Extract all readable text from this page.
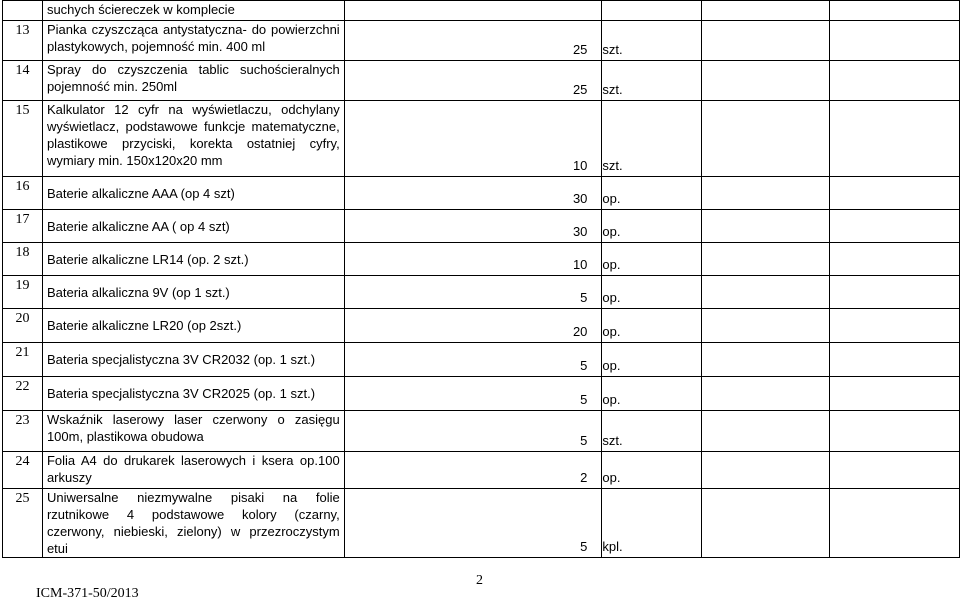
	suchych ściereczek w komplecie				
13	Pianka czyszcząca antystatyczna- do powierzchni plastykowych, pojemność min. 400 ml	25	szt.		
14	Spray do czyszczenia tablic suchościeralnych pojemność min. 250ml	25	szt.		
15	Kalkulator 12 cyfr na wyświetlaczu, odchylany wyświetlacz, podstawowe funkcje matematyczne, plastikowe przyciski, korekta ostatniej cyfry, wymiary min. 150x120x20 mm	10	szt.		
16	Baterie alkaliczne AAA (op 4 szt)	30	op.		
17	Baterie alkaliczne AA ( op 4 szt)	30	op.		
18	Baterie alkaliczne LR14 (op. 2 szt.)	10	op.		
19	Bateria alkaliczna 9V (op 1 szt.)	5	op.		
20	Baterie alkaliczne LR20 (op 2szt.)	20	op.		
21	Bateria specjalistyczna 3V CR2032 (op. 1 szt.)	5	op.		
22	Bateria specjalistyczna 3V CR2025 (op. 1 szt.)	5	op.		
23	Wskaźnik laserowy laser czerwony o zasięgu 100m, plastikowa obudowa	5	szt.		
24	Folia A4 do drukarek laserowych i ksera op.100 arkuszy	2	op.		
25	Uniwersalne niezmywalne pisaki na folie rzutnikowe 4 podstawowe kolory (czarny, czerwony, niebieski, zielony) w przezroczystym etui	5	kpl.		
2
ICM-371-50/2013
